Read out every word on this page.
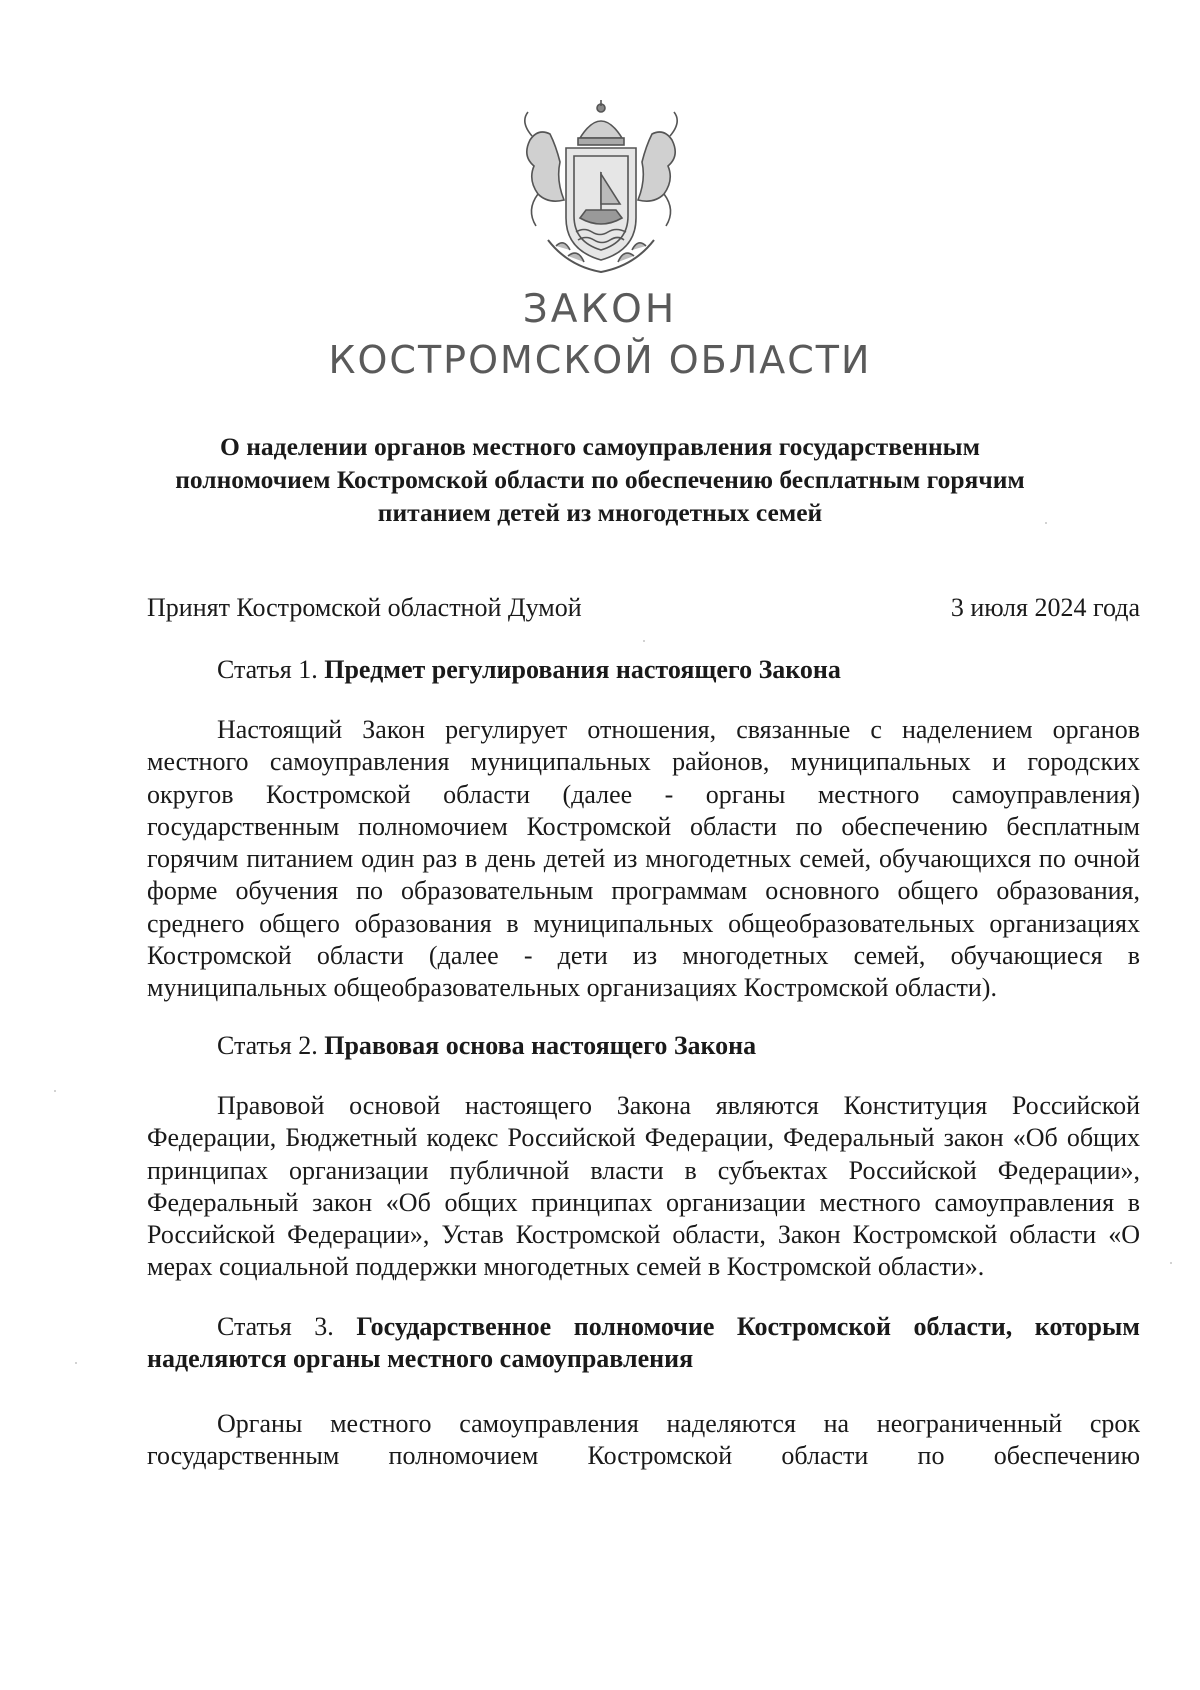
ЗАКОН
КОСТРОМСКОЙ ОБЛАСТИ
О наделении органов местного самоуправления государственным полномочием Костромской области по обеспечению бесплатным горячим питанием детей из многодетных семей
Принят Костромской областной Думой	3 июля 2024 года
Статья 1. Предмет регулирования настоящего Закона

Настоящий Закон регулирует отношения, связанные с наделением органов местного самоуправления муниципальных районов, муниципальных и городских округов Костромской области (далее - органы местного самоуправления) государственным полномочием Костромской области по обеспечению бесплатным горячим питанием один раз в день детей из многодетных семей, обучающихся по очной форме обучения по образовательным программам основного общего образования, среднего общего образования в муниципальных общеобразовательных организациях Костромской области (далее - дети из многодетных семей, обучающиеся в муниципальных общеобразовательных организациях Костромской области).

Статья 2. Правовая основа настоящего Закона

Правовой основой настоящего Закона являются Конституция Российской Федерации, Бюджетный кодекс Российской Федерации, Федеральный закон «Об общих принципах организации публичной власти в субъектах Российской Федерации», Федеральный закон «Об общих принципах организации местного самоуправления в Российской Федерации», Устав Костромской области, Закон Костромской области «О мерах социальной поддержки многодетных семей в Костромской области».

Статья 3. Государственное полномочие Костромской области, которым наделяются органы местного самоуправления

Органы местного самоуправления наделяются на неограниченный срок государственным полномочием Костромской области по обеспечению
